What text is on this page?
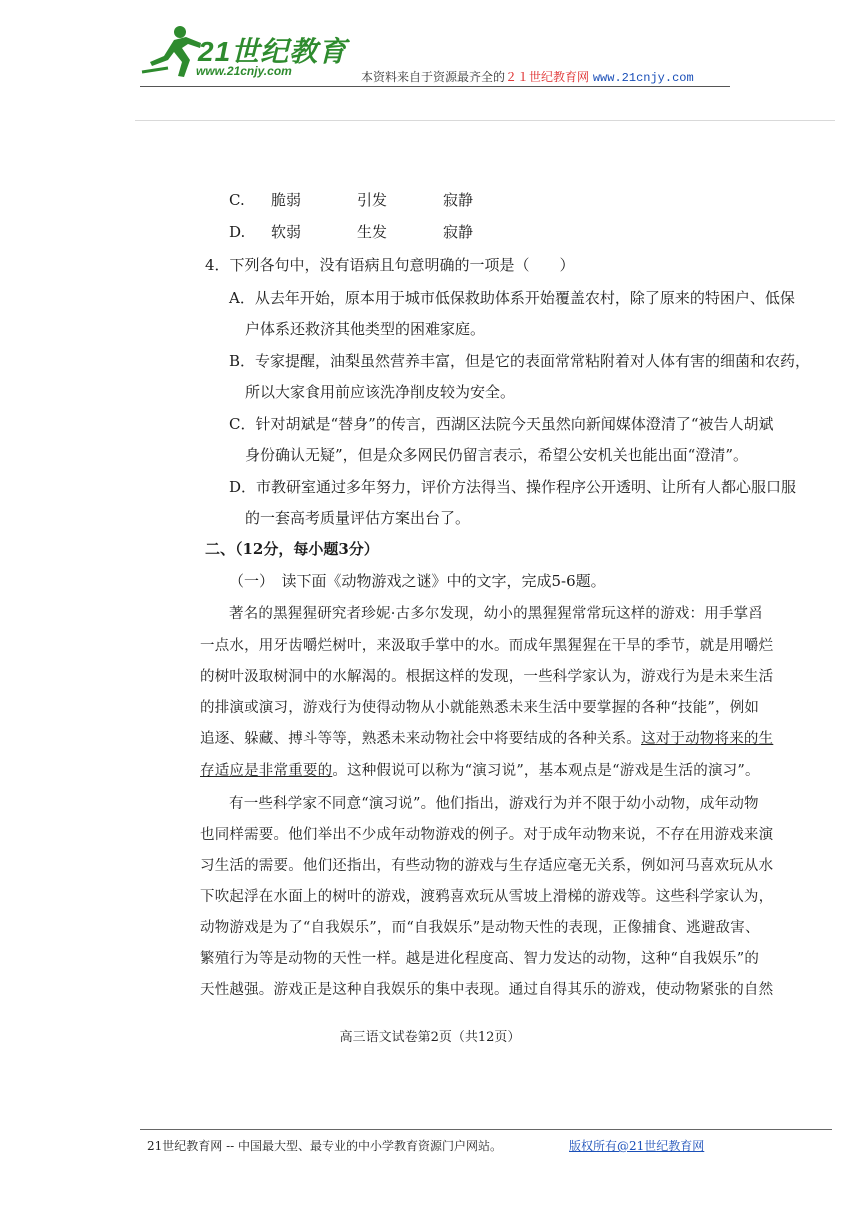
21世纪教育
www.21cnjy.com	本资料来自于资源最齐全的２１世纪教育网 www.21cnjy.com
C. 脆弱	引发	寂静
D. 软弱	生发	寂静
4．下列各句中，没有语病且句意明确的一项是（　　）
A．从去年开始，原本用于城市低保救助体系开始覆盖农村，除了原来的特困户、低保
户体系还救济其他类型的困难家庭。
B．专家提醒，油梨虽然营养丰富，但是它的表面常常粘附着对人体有害的细菌和农药，
所以大家食用前应该洗净削皮较为安全。
C．针对胡斌是“替身”的传言，西湖区法院今天虽然向新闻媒体澄清了“被告人胡斌
身份确认无疑”，但是众多网民仍留言表示，希望公安机关也能出面“澄清”。
D．市教研室通过多年努力，评价方法得当、操作程序公开透明、让所有人都心服口服
的一套高考质量评估方案出台了。
二、（12分，每小题3分）
（一）　读下面《动物游戏之谜》中的文字，完成5-6题。
著名的黑猩猩研究者珍妮·古多尔发现，幼小的黑猩猩常常玩这样的游戏：用手掌舀
一点水，用牙齿嚼烂树叶，来汲取手掌中的水。而成年黑猩猩在干旱的季节，就是用嚼烂
的树叶汲取树洞中的水解渴的。根据这样的发现，一些科学家认为，游戏行为是未来生活
的排演或演习，游戏行为使得动物从小就能熟悉未来生活中要掌握的各种“技能”，例如
追逐、躲藏、搏斗等等，熟悉未来动物社会中将要结成的各种关系。这对于动物将来的生
存适应是非常重要的。这种假说可以称为“演习说”，基本观点是“游戏是生活的演习”。
有一些科学家不同意“演习说”。他们指出，游戏行为并不限于幼小动物，成年动物
也同样需要。他们举出不少成年动物游戏的例子。对于成年动物来说，不存在用游戏来演
习生活的需要。他们还指出，有些动物的游戏与生存适应毫无关系，例如河马喜欢玩从水
下吹起浮在水面上的树叶的游戏，渡鸦喜欢玩从雪坡上滑梯的游戏等。这些科学家认为，
动物游戏是为了“自我娱乐”，而“自我娱乐”是动物天性的表现，正像捕食、逃避敌害、
繁殖行为等是动物的天性一样。越是进化程度高、智力发达的动物，这种“自我娱乐”的
天性越强。游戏正是这种自我娱乐的集中表现。通过自得其乐的游戏，使动物紧张的自然
高三语文试卷第2页（共12页）
21世纪教育网 -- 中国最大型、最专业的中小学教育资源门户网站。	版权所有@21世纪教育网
